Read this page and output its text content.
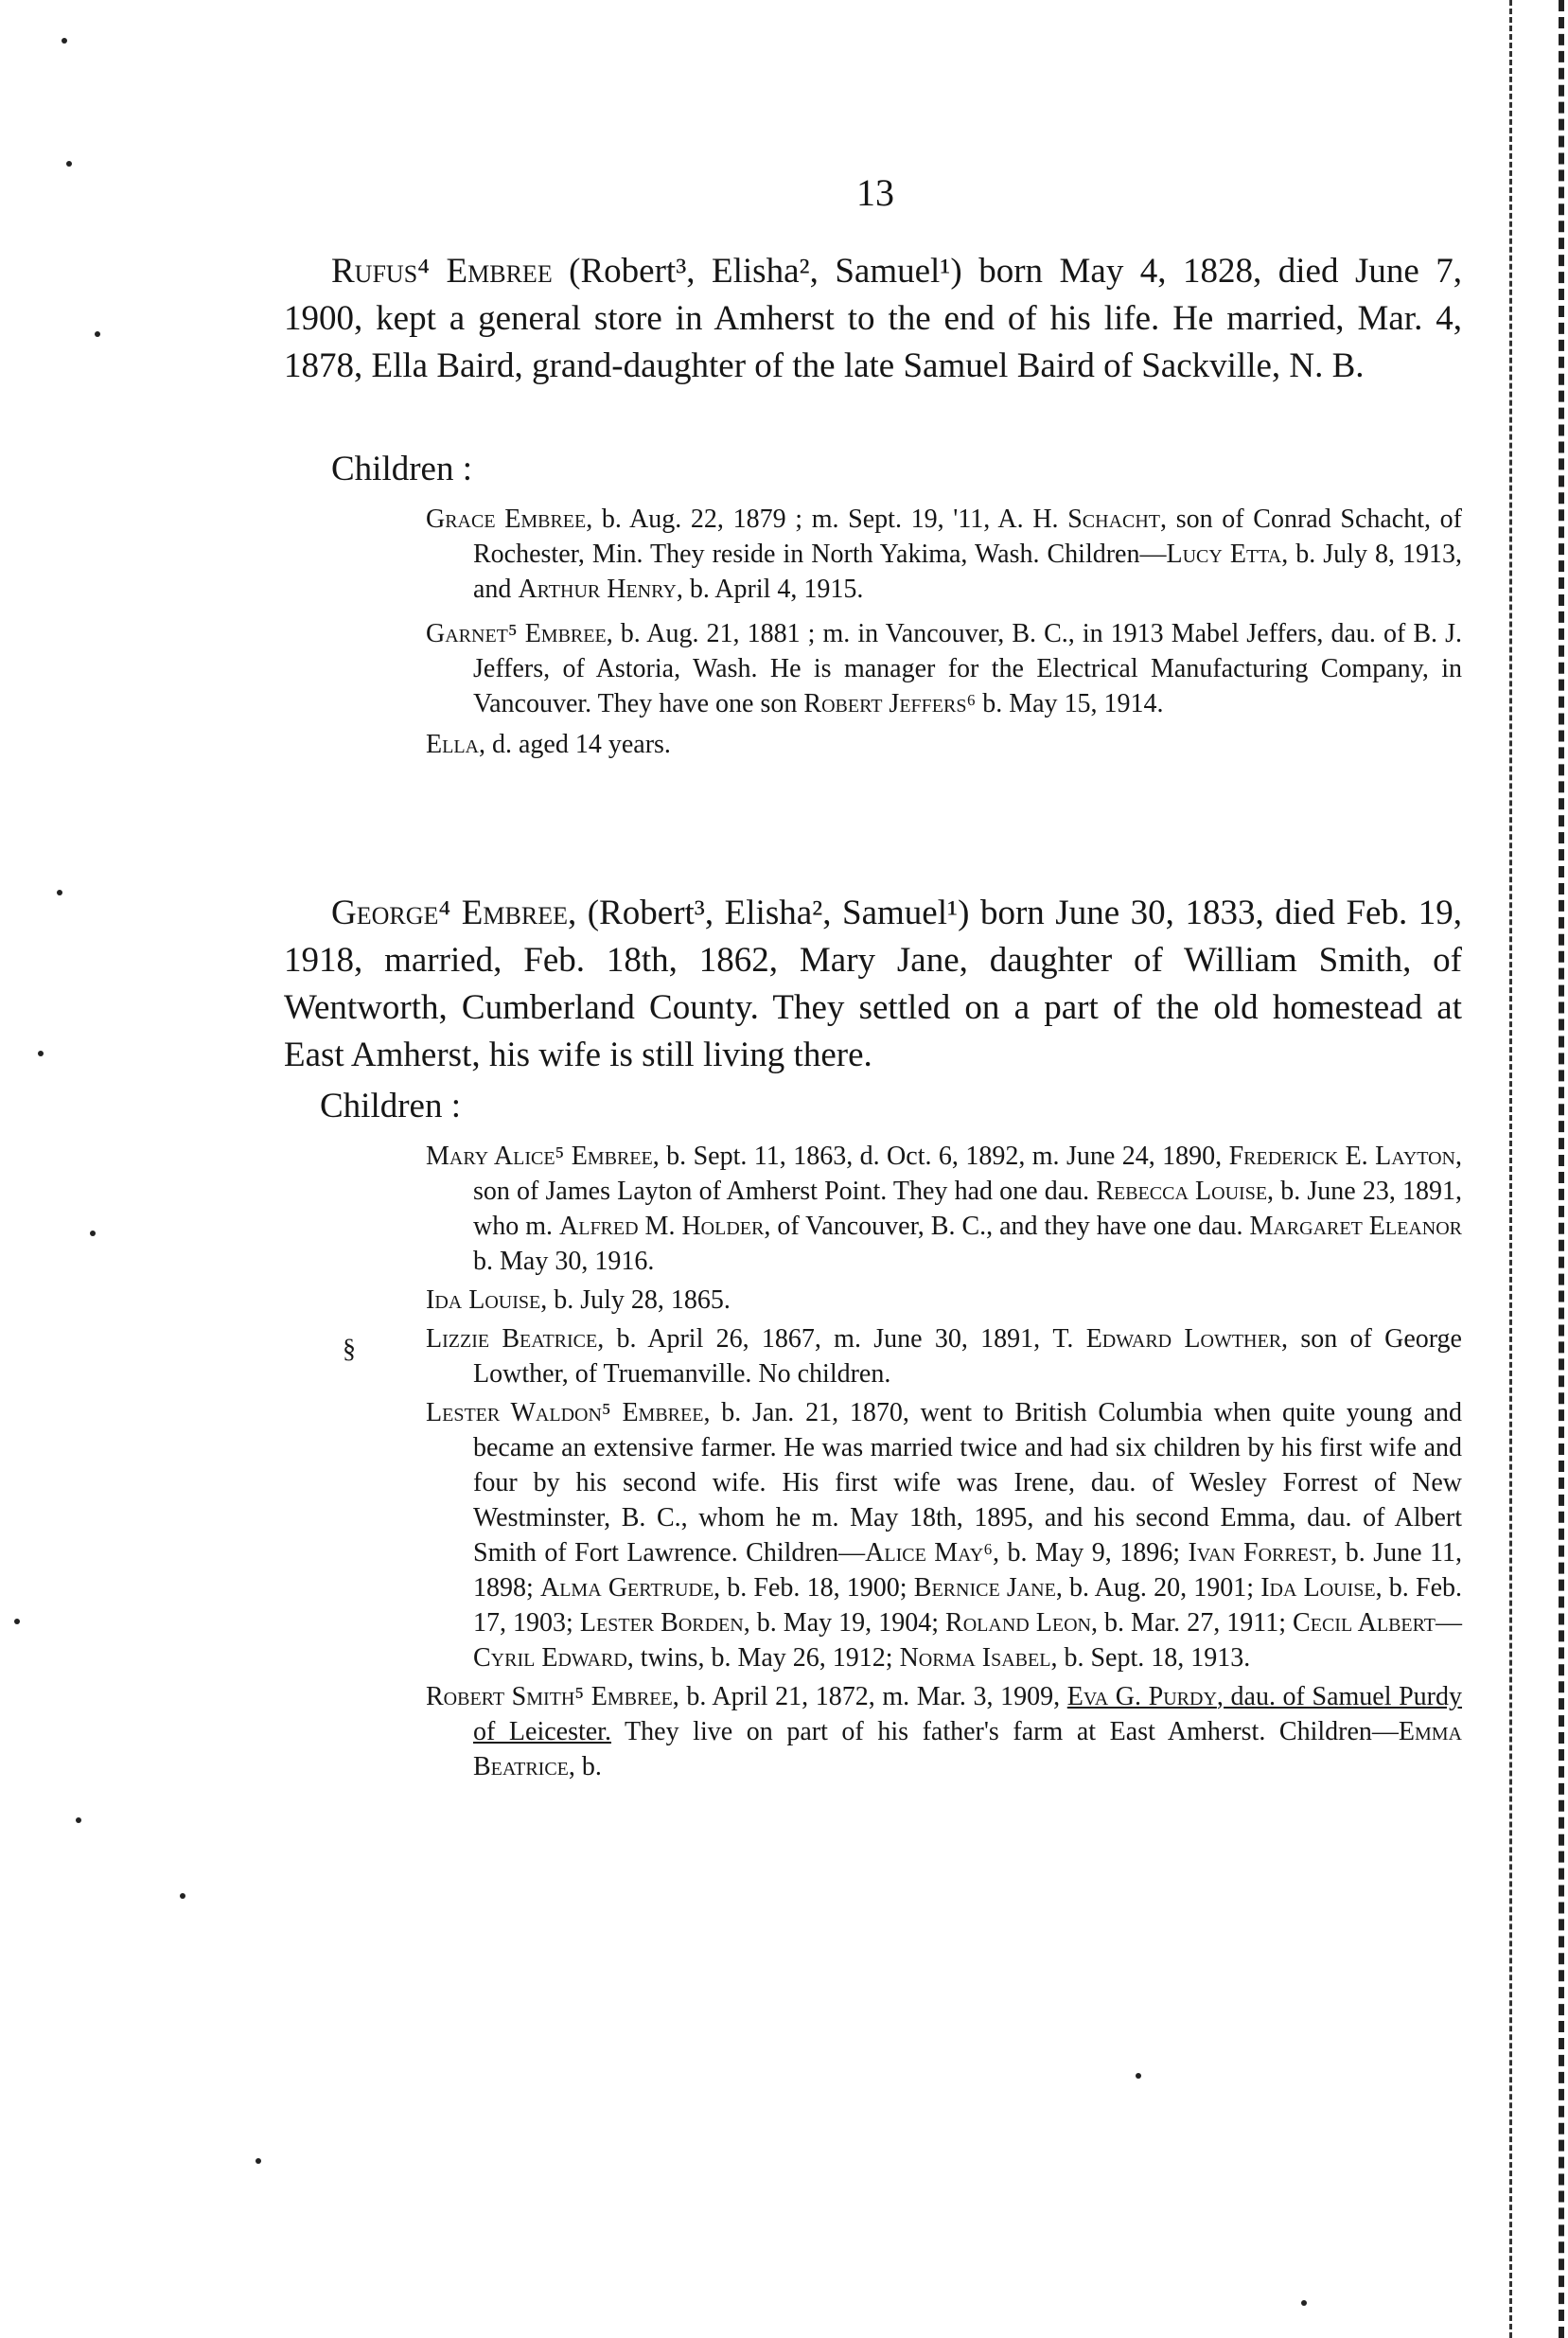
13

Rufus⁴ Embree (Robert³, Elisha², Samuel¹) born May 4, 1828, died June 7, 1900, kept a general store in Amherst to the end of his life. He married, Mar. 4, 1878, Ella Baird, grand-daughter of the late Samuel Baird of Sackville, N. B.

Children :

Grace Embree, b. Aug. 22, 1879 ; m. Sept. 19, '11, A. H. Schacht, son of Conrad Schacht, of Rochester, Min. They reside in North Yakima, Wash. Children—Lucy Etta, b. July 8, 1913, and Arthur Henry, b. April 4, 1915.

Garnet⁵ Embree, b. Aug. 21, 1881 ; m. in Vancouver, B. C., in 1913 Mabel Jeffers, dau. of B. J. Jeffers, of Astoria, Wash. He is manager for the Electrical Manufacturing Company, in Vancouver. They have one son Robert Jeffers⁶ b. May 15, 1914.

Ella, d. aged 14 years.

George⁴ Embree, (Robert³, Elisha², Samuel¹) born June 30, 1833, died Feb. 19, 1918, married, Feb. 18th, 1862, Mary Jane, daughter of William Smith, of Wentworth, Cumberland County. They settled on a part of the old homestead at East Amherst, his wife is still living there.

Children :
§

Mary Alice⁵ Embree, b. Sept. 11, 1863, d. Oct. 6, 1892, m. June 24, 1890, Frederick E. Layton, son of James Layton of Amherst Point. They had one dau. Rebecca Louise, b. June 23, 1891, who m. Alfred M. Holder, of Vancouver, B. C., and they have one dau. Margaret Eleanor b. May 30, 1916.

Ida Louise, b. July 28, 1865.

Lizzie Beatrice, b. April 26, 1867, m. June 30, 1891, T. Edward Lowther, son of George Lowther, of Truemanville. No children.

Lester Waldon⁵ Embree, b. Jan. 21, 1870, went to British Columbia when quite young and became an extensive farmer. He was married twice and had six children by his first wife and four by his second wife. His first wife was Irene, dau. of Wesley Forrest of New Westminster, B. C., whom he m. May 18th, 1895, and his second Emma, dau. of Albert Smith of Fort Lawrence. Children—Alice May⁶, b. May 9, 1896; Ivan Forrest, b. June 11, 1898; Alma Gertrude, b. Feb. 18, 1900; Bernice Jane, b. Aug. 20, 1901; Ida Louise, b. Feb. 17, 1903; Lester Borden, b. May 19, 1904; Roland Leon, b. Mar. 27, 1911; Cecil Albert—Cyril Edward, twins, b. May 26, 1912; Norma Isabel, b. Sept. 18, 1913.

Robert Smith⁵ Embree, b. April 21, 1872, m. Mar. 3, 1909, Eva G. Purdy, dau. of Samuel Purdy of Leicester. They live on part of his father's farm at East Amherst. Children—Emma Beatrice, b.
